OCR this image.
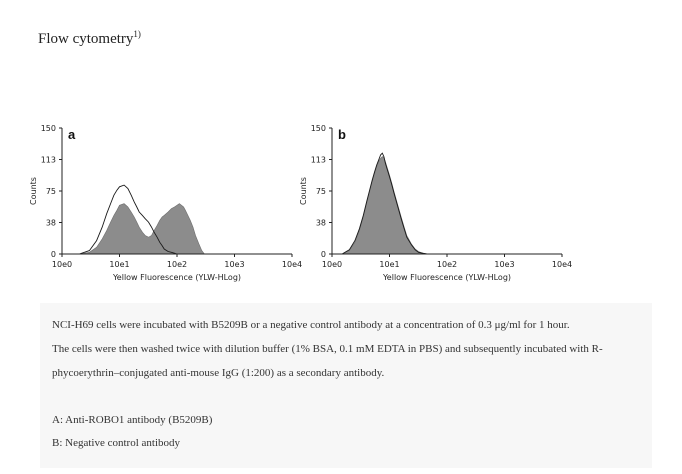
Flow cytometry$^{1)}$
0
38
75
113
150
10e0	10e1	10e2	10e3	10e4
Yellow Fluorescence (YLW-HLog)
Counts
a
0
38
75
113
150
10e0	10e1	10e2	10e3	10e4
Yellow Fluorescence (YLW-HLog)
Counts
b
NCI-H69 cells were incubated with B5209B or a negative control antibody at a concentration of 0.3 μg/ml for 1 hour.
The cells were then washed twice with dilution buffer (1% BSA, 0.1 mM EDTA in PBS) and subsequently incubated with R-
phycoerythrin–conjugated anti-mouse IgG (1:200) as a secondary antibody.
A: Anti-ROBO1 antibody (B5209B)
B: Negative control antibody
